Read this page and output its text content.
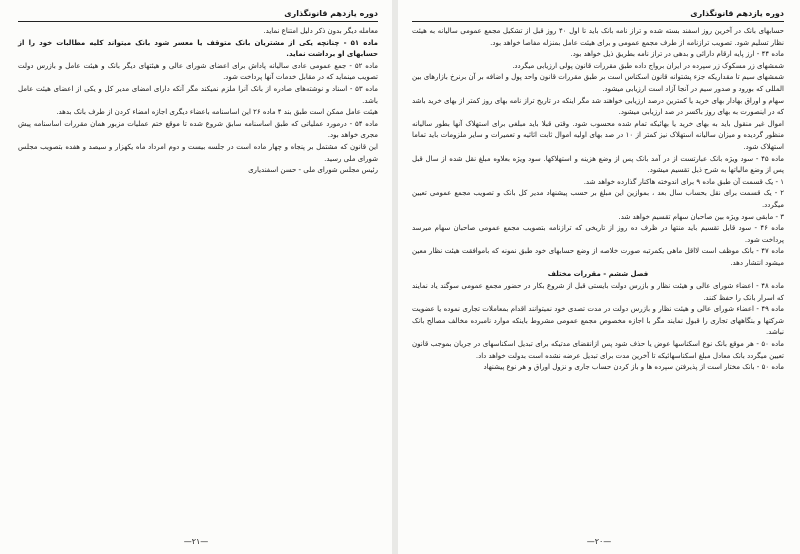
دوره یازدهم قانونگذاری

معامله دیگر بدون ذکر دلیل امتناع نماید.

ماده ۵۱ - چنانچه یکی از مشتریان بانک متوقف یا معسر شود بانک میتواند کلیه مطالبات خود را از حسابهای او برداشت نماید.

ماده ۵۲ - جمع عمومی عادی سالیانه پاداش برای اعضای شورای عالی و هیئتهای دیگر بانک و هیئت عامل و بازرس دولت تصویب مینماید که در مقابل خدمات آنها پرداخت شود.

ماده ۵۳ - اسناد و نوشته‌های صادره از بانک آنرا ملزم نمیکند مگر آنکه دارای امضای مدیر کل و یکی از اعضای هیئت عامل باشد.

هیئت عامل ممکن است طبق بند ۴ ماده ۲۶ این اساسنامه باعضاء دیگری اجازه امضاء کردن از طرف بانک بدهد.

ماده ۵۴ - درمورد عملیاتی که طبق اساسنامه سابق شروع شده تا موقع ختم عملیات مزبور همان مقررات اساسنامه پیش مجری خواهد بود.

این قانون که مشتمل بر پنجاه و چهار ماده است در جلسه بیست و دوم امرداد ماه یکهزار و سیصد و هفده بتصویب مجلس شورای ملی رسید.

رئیس مجلس شورای ملی - حسن اسفندیاری

—۲۱—
دوره یازدهم قانونگذاری

حسابهای بانک در آخرین روز اسفند بسته شده و تراز نامه بانک باید تا اول ۴۰ روز قبل از تشکیل مجمع عمومی سالیانه به هیئت نظار تسلیم شود. تصویب ترازنامه از طرف مجمع عمومی و برای هیئت عامل بمنزله مفاصا خواهد بود.

ماده ۴۴ - ارز پایه ارقام دارائی و بدهی در تراز نامه بطریق ذیل خواهد بود.

شمشهای زر مسکوک زر سپرده در ایران برواج داده طبق مقررات قانون پولی ارزیابی میگردد.

شمشهای سیم تا مقداریکه جزء پشتوانه قانون اسکناس است بر طبق مقررات قانون واحد پول و اضافه بر آن برنرخ بازارهای بین المللی که بورود و صدور سیم در آنجا آزاد است ارزیابی میشود.

سهام و اوراق بهادار بهای خرید یا کمترین درصد ارزیابی خواهند شد مگر اینکه در تاریخ تراز نامه بهای روز کمتر از بهای خرید باشد که در اینصورت به بهای روز باکسر در صد ارزیابی میشود.

اموال غیر منقول باید به بهای خرید یا بهائیکه تمام شده محسوب شود. وقتی قبلا باید مبلغی برای استهلاک آنها بطور سالیانه منظور گردیده و میزان سالیانه استهلاک نیز کمتر از ۱۰ در صد بهای اولیه اموال ثابت اثاثیه و تعمیرات و سایر ملزومات باید تماما استهلاک شود.

ماده ۴۵ - سود ویژه بانک عبارتست از در آمد بانک پس از وضع هزینه و استهلاکها. سود ویژه بعلاوه مبلغ نقل شده از سال قبل پس از وضع مالیاتها به شرح ذیل تقسیم میشود.

۱ - یک قسمت آن طبق ماده ۹ برای اندوخته هاکنار گذارده خواهد شد.

۲ - یک قسمت برای نقل بحساب سال بعد ، بموازین این مبلغ بر حسب پیشنهاد مدیر کل بانک و تصویب مجمع عمومی تعیین میگردد.

۳ - مابقی سود ویژه بین صاحبان سهام تقسیم خواهد شد.

ماده ۴۶ - سود قابل تقسیم باید منتها در ظرف ده روز از تاریخی که ترازنامه بتصویب مجمع عمومی صاحبان سهام میرسد پرداخت شود.

ماده ۴۷ - بانک موظف است لااقل ماهی یکمرتبه صورت خلاصه از وضع حسابهای خود طبق نمونه که باموافقت هیئت نظار معین میشود انتشار دهد.

فصل ششم - مقررات مختلف

ماده ۴۸ - اعضاء شورای عالی و هیئت نظار و بازرس دولت بایستی قبل از شروع بکار در حضور مجمع عمومی سوگند یاد نمایند که اسرار بانک را حفظ کنند.

ماده ۴۹ - اعضاء شورای عالی و هیئت نظار و بازرس دولت در مدت تصدی خود نمیتوانند اقدام بمعاملات تجاری نموده یا عضویت شرکتها و بنگاههای تجاری را قبول نمایند مگر با اجازه مخصوص مجمع عمومی مشروط باینکه موارد نامبرده مخالف مصالح بانک نباشد.

ماده ۵۰ - هر موقع بانک نوع اسکناسها عوض یا حذف شود پس ازانقضای مدتیکه برای تبدیل اسکناسهای در جریان بموجب قانون تعیین میگردد بانک معادل مبلغ اسکناسهائیکه تا آخرین مدت برای تبدیل عرضه نشده است بدولت خواهد داد.

ماده ۵۰ - بانک مختار است از پذیرفتن سپرده ها و باز کردن حساب جاری و نزول اوراق و هر نوع پیشنهاد

—۲۰—
